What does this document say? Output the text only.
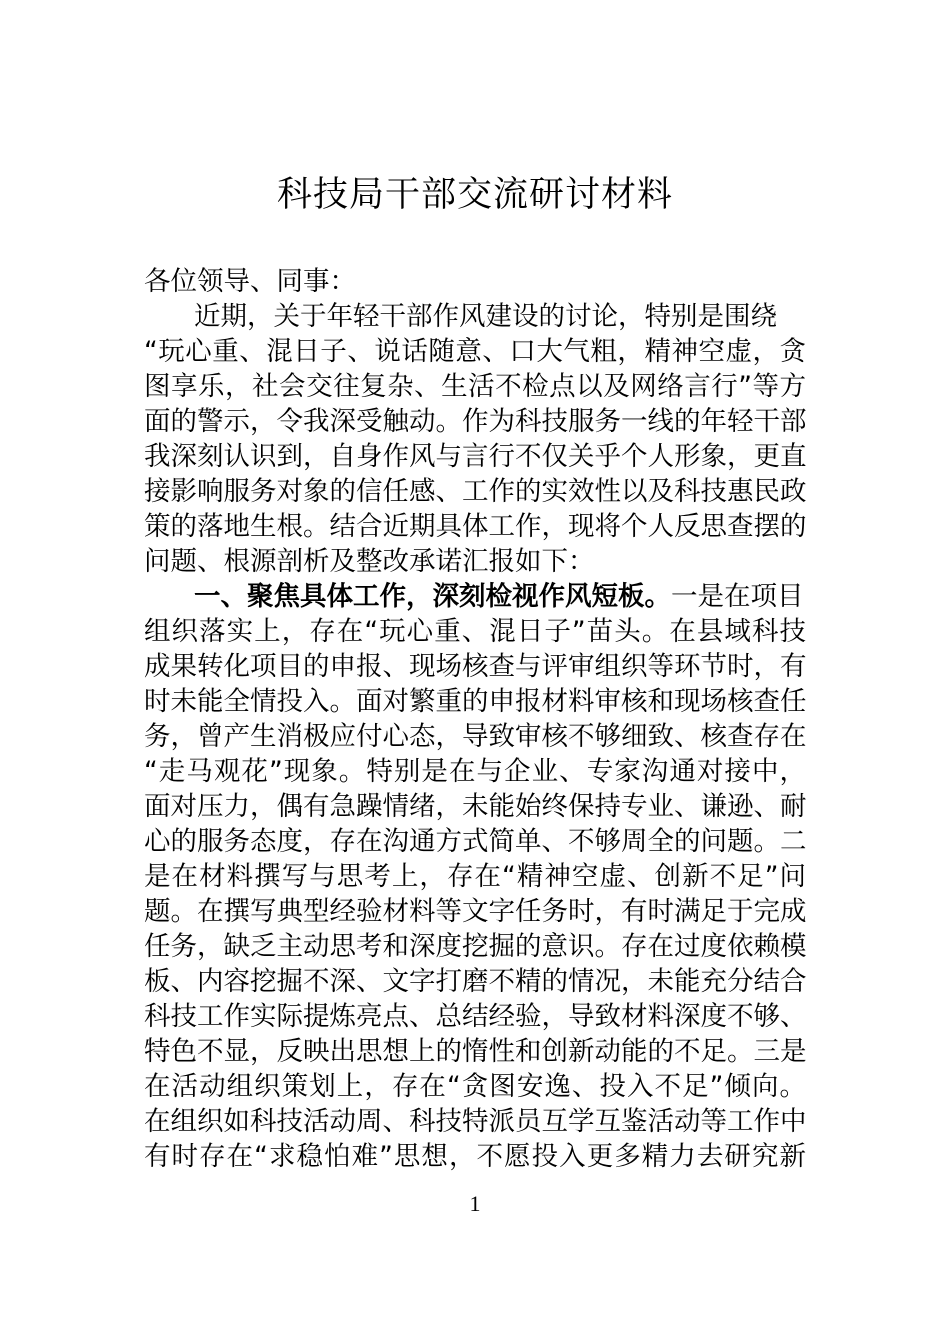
科技局干部交流研讨材料
各位领导、同事：
近期，关于年轻干部作风建设的讨论，特别是围绕
“玩心重、混日子、说话随意、口大气粗，精神空虚，贪
图享乐，社会交往复杂、生活不检点以及网络言行”等方
面的警示，令我深受触动。作为科技服务一线的年轻干部
我深刻认识到，自身作风与言行不仅关乎个人形象，更直
接影响服务对象的信任感、工作的实效性以及科技惠民政
策的落地生根。结合近期具体工作，现将个人反思查摆的
问题、根源剖析及整改承诺汇报如下：
一、聚焦具体工作，深刻检视作风短板。一是在项目
组织落实上，存在“玩心重、混日子”苗头。在县域科技
成果转化项目的申报、现场核查与评审组织等环节时，有
时未能全情投入。面对繁重的申报材料审核和现场核查任
务，曾产生消极应付心态，导致审核不够细致、核查存在
“走马观花”现象。特别是在与企业、专家沟通对接中，
面对压力，偶有急躁情绪，未能始终保持专业、谦逊、耐
心的服务态度，存在沟通方式简单、不够周全的问题。二
是在材料撰写与思考上，存在“精神空虚、创新不足”问
题。在撰写典型经验材料等文字任务时，有时满足于完成
任务，缺乏主动思考和深度挖掘的意识。存在过度依赖模
板、内容挖掘不深、文字打磨不精的情况，未能充分结合
科技工作实际提炼亮点、总结经验，导致材料深度不够、
特色不显，反映出思想上的惰性和创新动能的不足。三是
在活动组织策划上，存在“贪图安逸、投入不足”倾向。
在组织如科技活动周、科技特派员互学互鉴活动等工作中
有时存在“求稳怕难”思想，不愿投入更多精力去研究新
1
